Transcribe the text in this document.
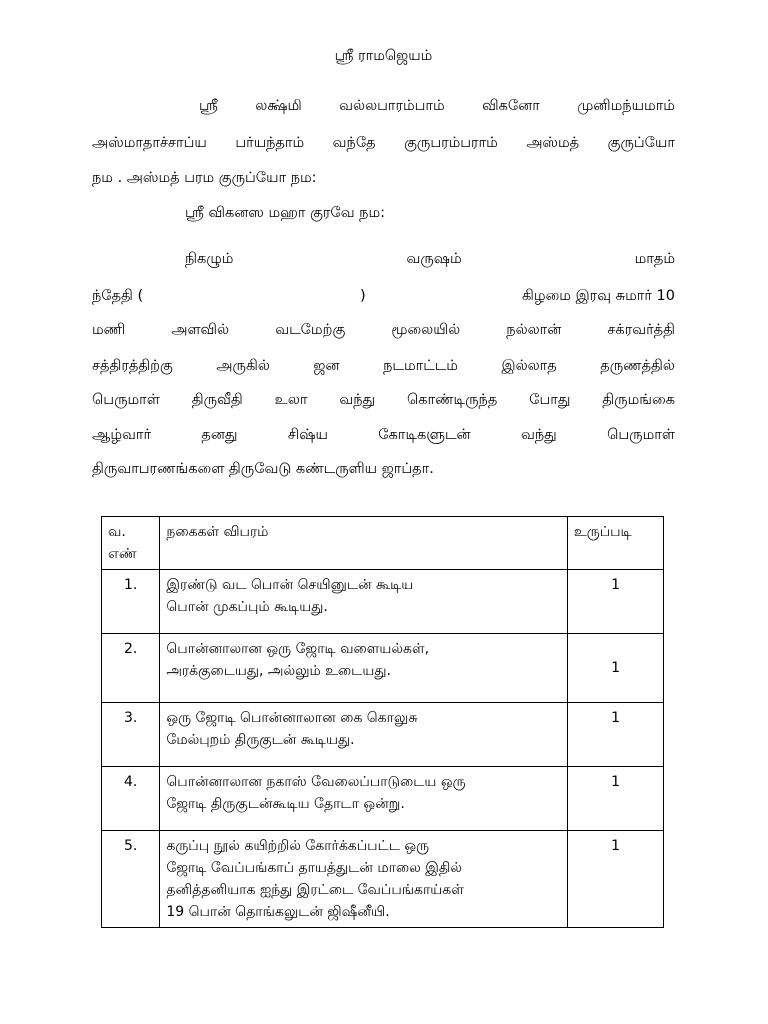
ஸ்ரீ ராமஜெயம்
ஸ்ரீ	லக்ஷ்மி	வல்லபாரம்பாம்	விகனோ	முனிமந்யமாம்
அஸ்மாதாச்சாப்ய பர்யந்தாம் வந்தே குருபரம்பராம் அஸ்மத் குருப்யோ
நம . அஸ்மத் பரம குருப்யோ நம:
ஸ்ரீ விகனஸ மஹா குரவே நம:
நிகழும்	வருஷம்	மாதம்
ந்தேதி (	)	கிழமை இரவு சுமார் 10
மணி	அளவில்	வடமேற்கு	மூலையில்	நல்லான்	சக்ரவர்த்தி
சத்திரத்திற்கு	அருகில்	ஜன	நடமாட்டம்	இல்லாத	தருணத்தில்
பெருமாள் திருவீதி உலா வந்து கொண்டிருந்த போது திருமங்கை
ஆழ்வார்	தனது	சிஷ்ய	கோடிகளுடன்	வந்து	பெருமாள்
திருவாபரணங்களை திருவேடு கண்டருளிய ஜாப்தா.
வ.
எண்	நகைகள் விபரம்	உருப்படி
1.	இரண்டு வட பொன் செயினுடன் கூடிய
பொன் முகப்பும் கூடியது.	1
2.	பொன்னாலான ஒரு ஜோடி வளையல்கள்,
அரக்குடையது, அல்லும் உடையது.	1
3.	ஒரு ஜோடி பொன்னாலான கை கொலுசு
மேல்புறம் திருகுடன் கூடியது.	1
4.	பொன்னாலான நகாஸ் வேலைப்பாடுடைய ஒரு
ஜோடி திருகுடன்கூடிய தோடா ஒன்று.	1
5.	கருப்பு நூல் கயிற்றில் கோர்க்கப்பட்ட ஒரு
ஜோடி வேப்பங்காப் தாயத்துடன் மாலை இதில்
தனித்தனியாக ஐந்து இரட்டை வேப்பங்காய்கள்
19 பொன் தொங்கலுடன் ஜிஷீனீயி.	1
